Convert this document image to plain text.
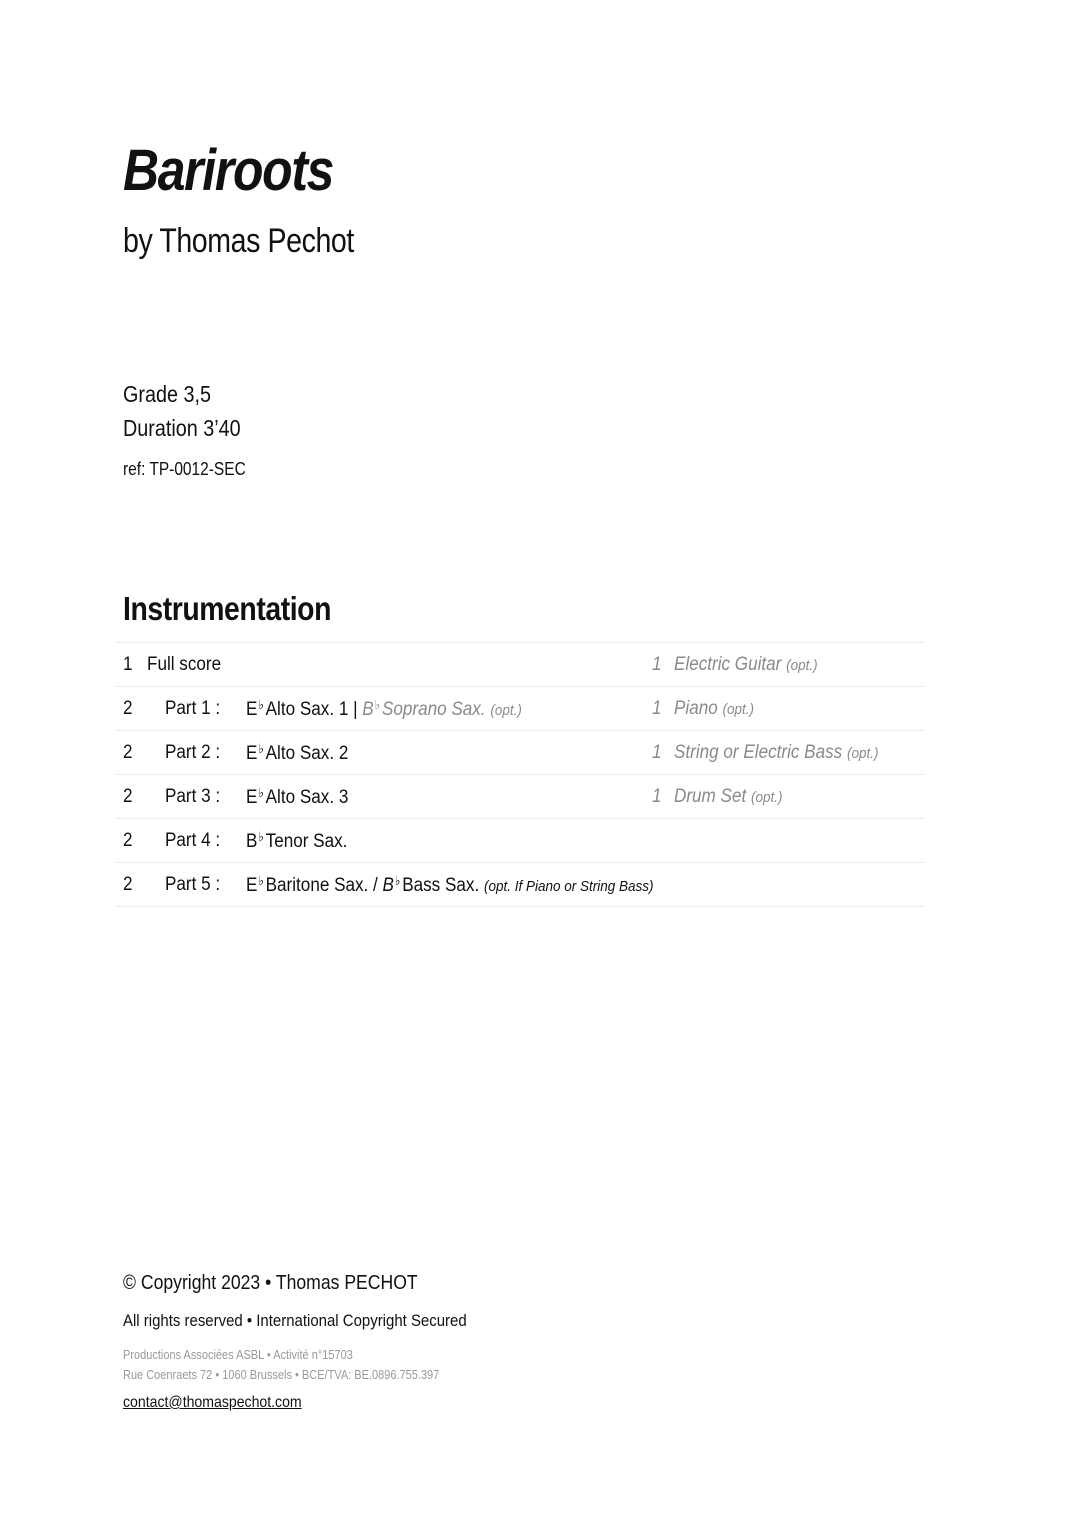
Bariroots
by Thomas Pechot
Grade 3,5
Duration 3’40
ref: TP-0012-SEC
Instrumentation
1	Full score		1	Electric Guitar (opt.)
2	Part 1 :	E♭Alto Sax. 1 | B♭Soprano Sax. (opt.)	1	Piano (opt.)
2	Part 2 :	E♭Alto Sax. 2	1	String or Electric Bass (opt.)
2	Part 3 :	E♭Alto Sax. 3	1	Drum Set (opt.)
2	Part 4 :	B♭Tenor Sax.		
2	Part 5 :	E♭Baritone Sax. / B♭Bass Sax. (opt. If Piano or String Bass)		
© Copyright 2023 • Thomas PECHOT
All rights reserved • International Copyright Secured
Productions Associées ASBL • Activité n°15703
Rue Coenraets 72 • 1060 Brussels • BCE/TVA: BE.0896.755.397
contact@thomaspechot.com
